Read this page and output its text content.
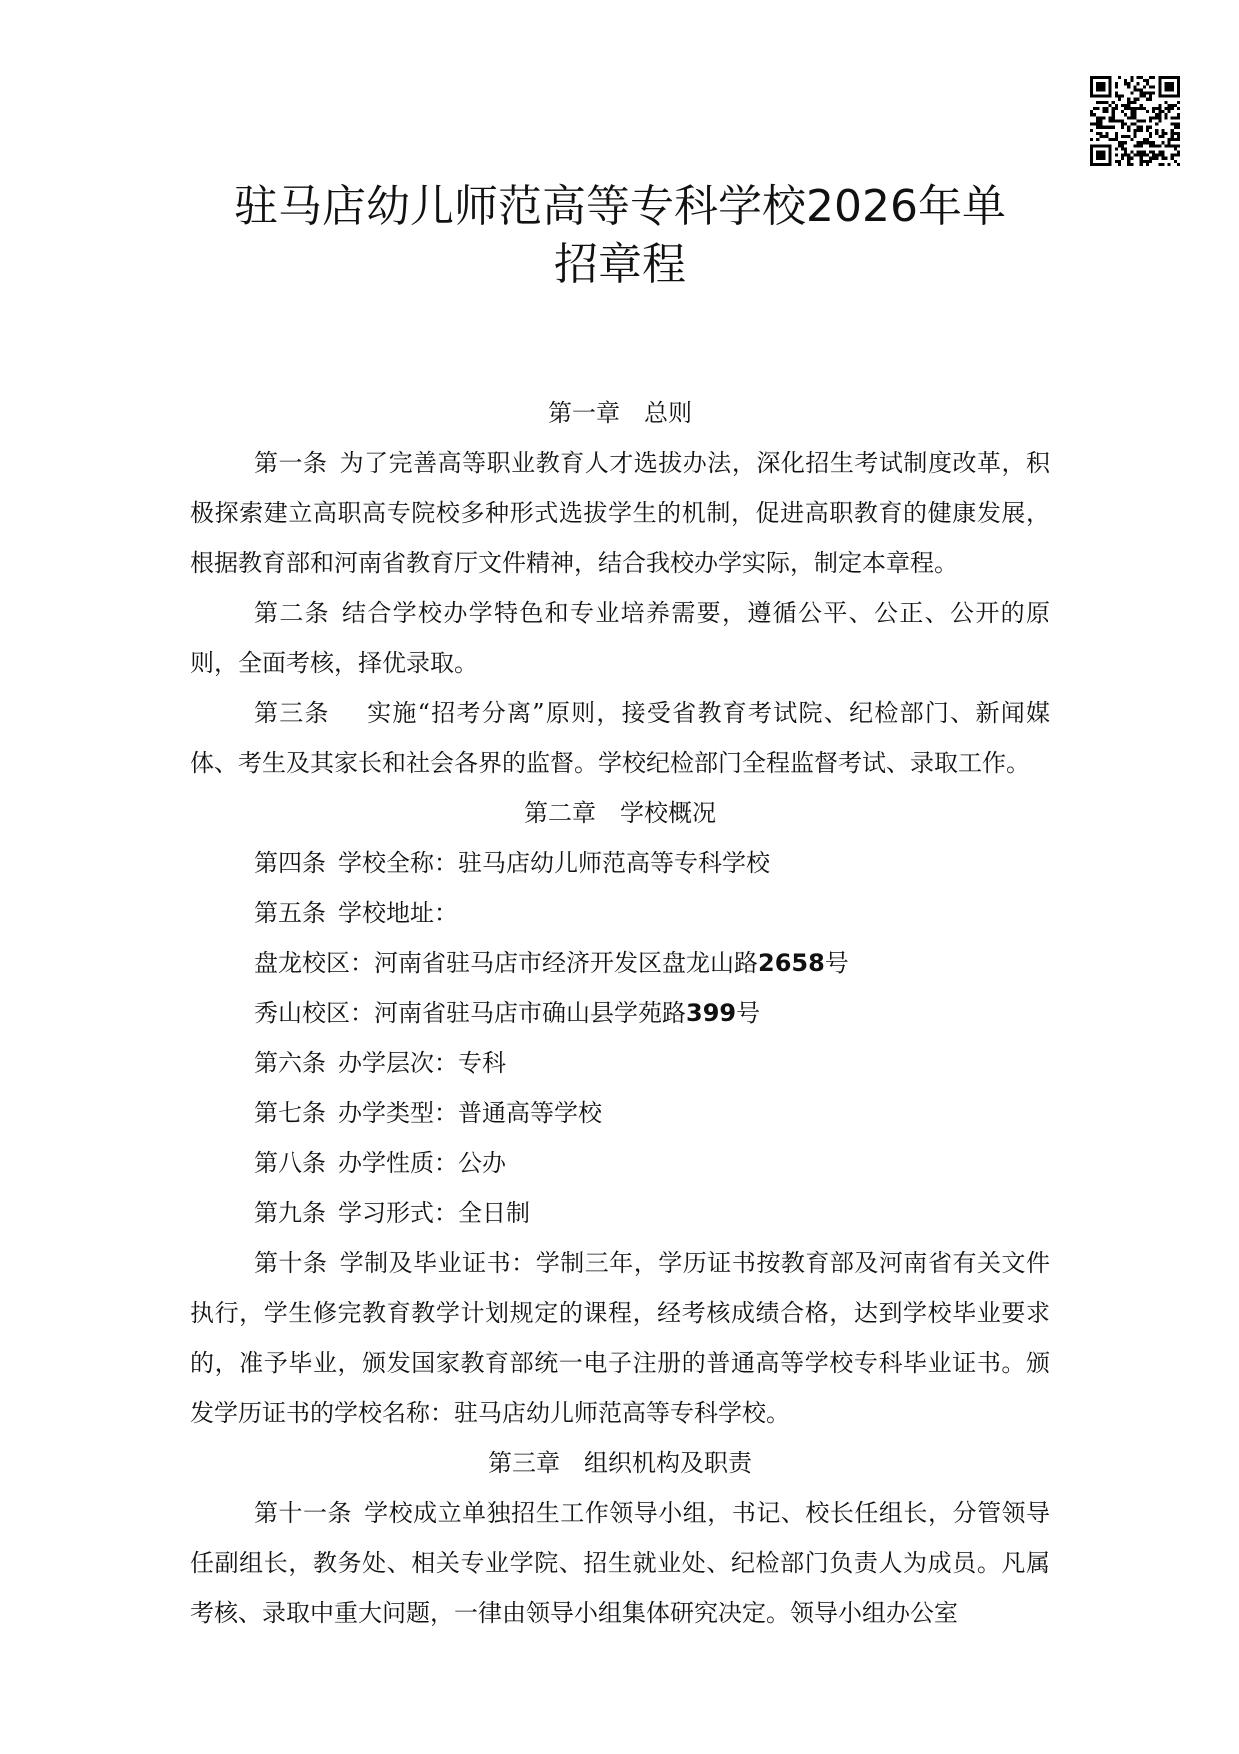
驻马店幼儿师范高等专科学校2026年单
招章程
第一章　总则

第一条 为了完善高等职业教育人才选拔办法，深化招生考试制度改革，积极探索建立高职高专院校多种形式选拔学生的机制，促进高职教育的健康发展，根据教育部和河南省教育厅文件精神，结合我校办学实际，制定本章程。

第二条 结合学校办学特色和专业培养需要，遵循公平、公正、公开的原则，全面考核，择优录取。

第三条　实施“招考分离”原则，接受省教育考试院、纪检部门、新闻媒体、考生及其家长和社会各界的监督。学校纪检部门全程监督考试、录取工作。

第二章　学校概况

第四条 学校全称：驻马店幼儿师范高等专科学校

第五条 学校地址：

盘龙校区：河南省驻马店市经济开发区盘龙山路2658号

秀山校区：河南省驻马店市确山县学苑路399号

第六条 办学层次：专科

第七条 办学类型：普通高等学校

第八条 办学性质：公办

第九条 学习形式：全日制

第十条 学制及毕业证书：学制三年，学历证书按教育部及河南省有关文件执行，学生修完教育教学计划规定的课程，经考核成绩合格，达到学校毕业要求的，准予毕业，颁发国家教育部统一电子注册的普通高等学校专科毕业证书。颁发学历证书的学校名称：驻马店幼儿师范高等专科学校。

第三章　组织机构及职责

第十一条 学校成立单独招生工作领导小组，书记、校长任组长，分管领导任副组长，教务处、相关专业学院、招生就业处、纪检部门负责人为成员。凡属考核、录取中重大问题，一律由领导小组集体研究决定。领导小组办公室
